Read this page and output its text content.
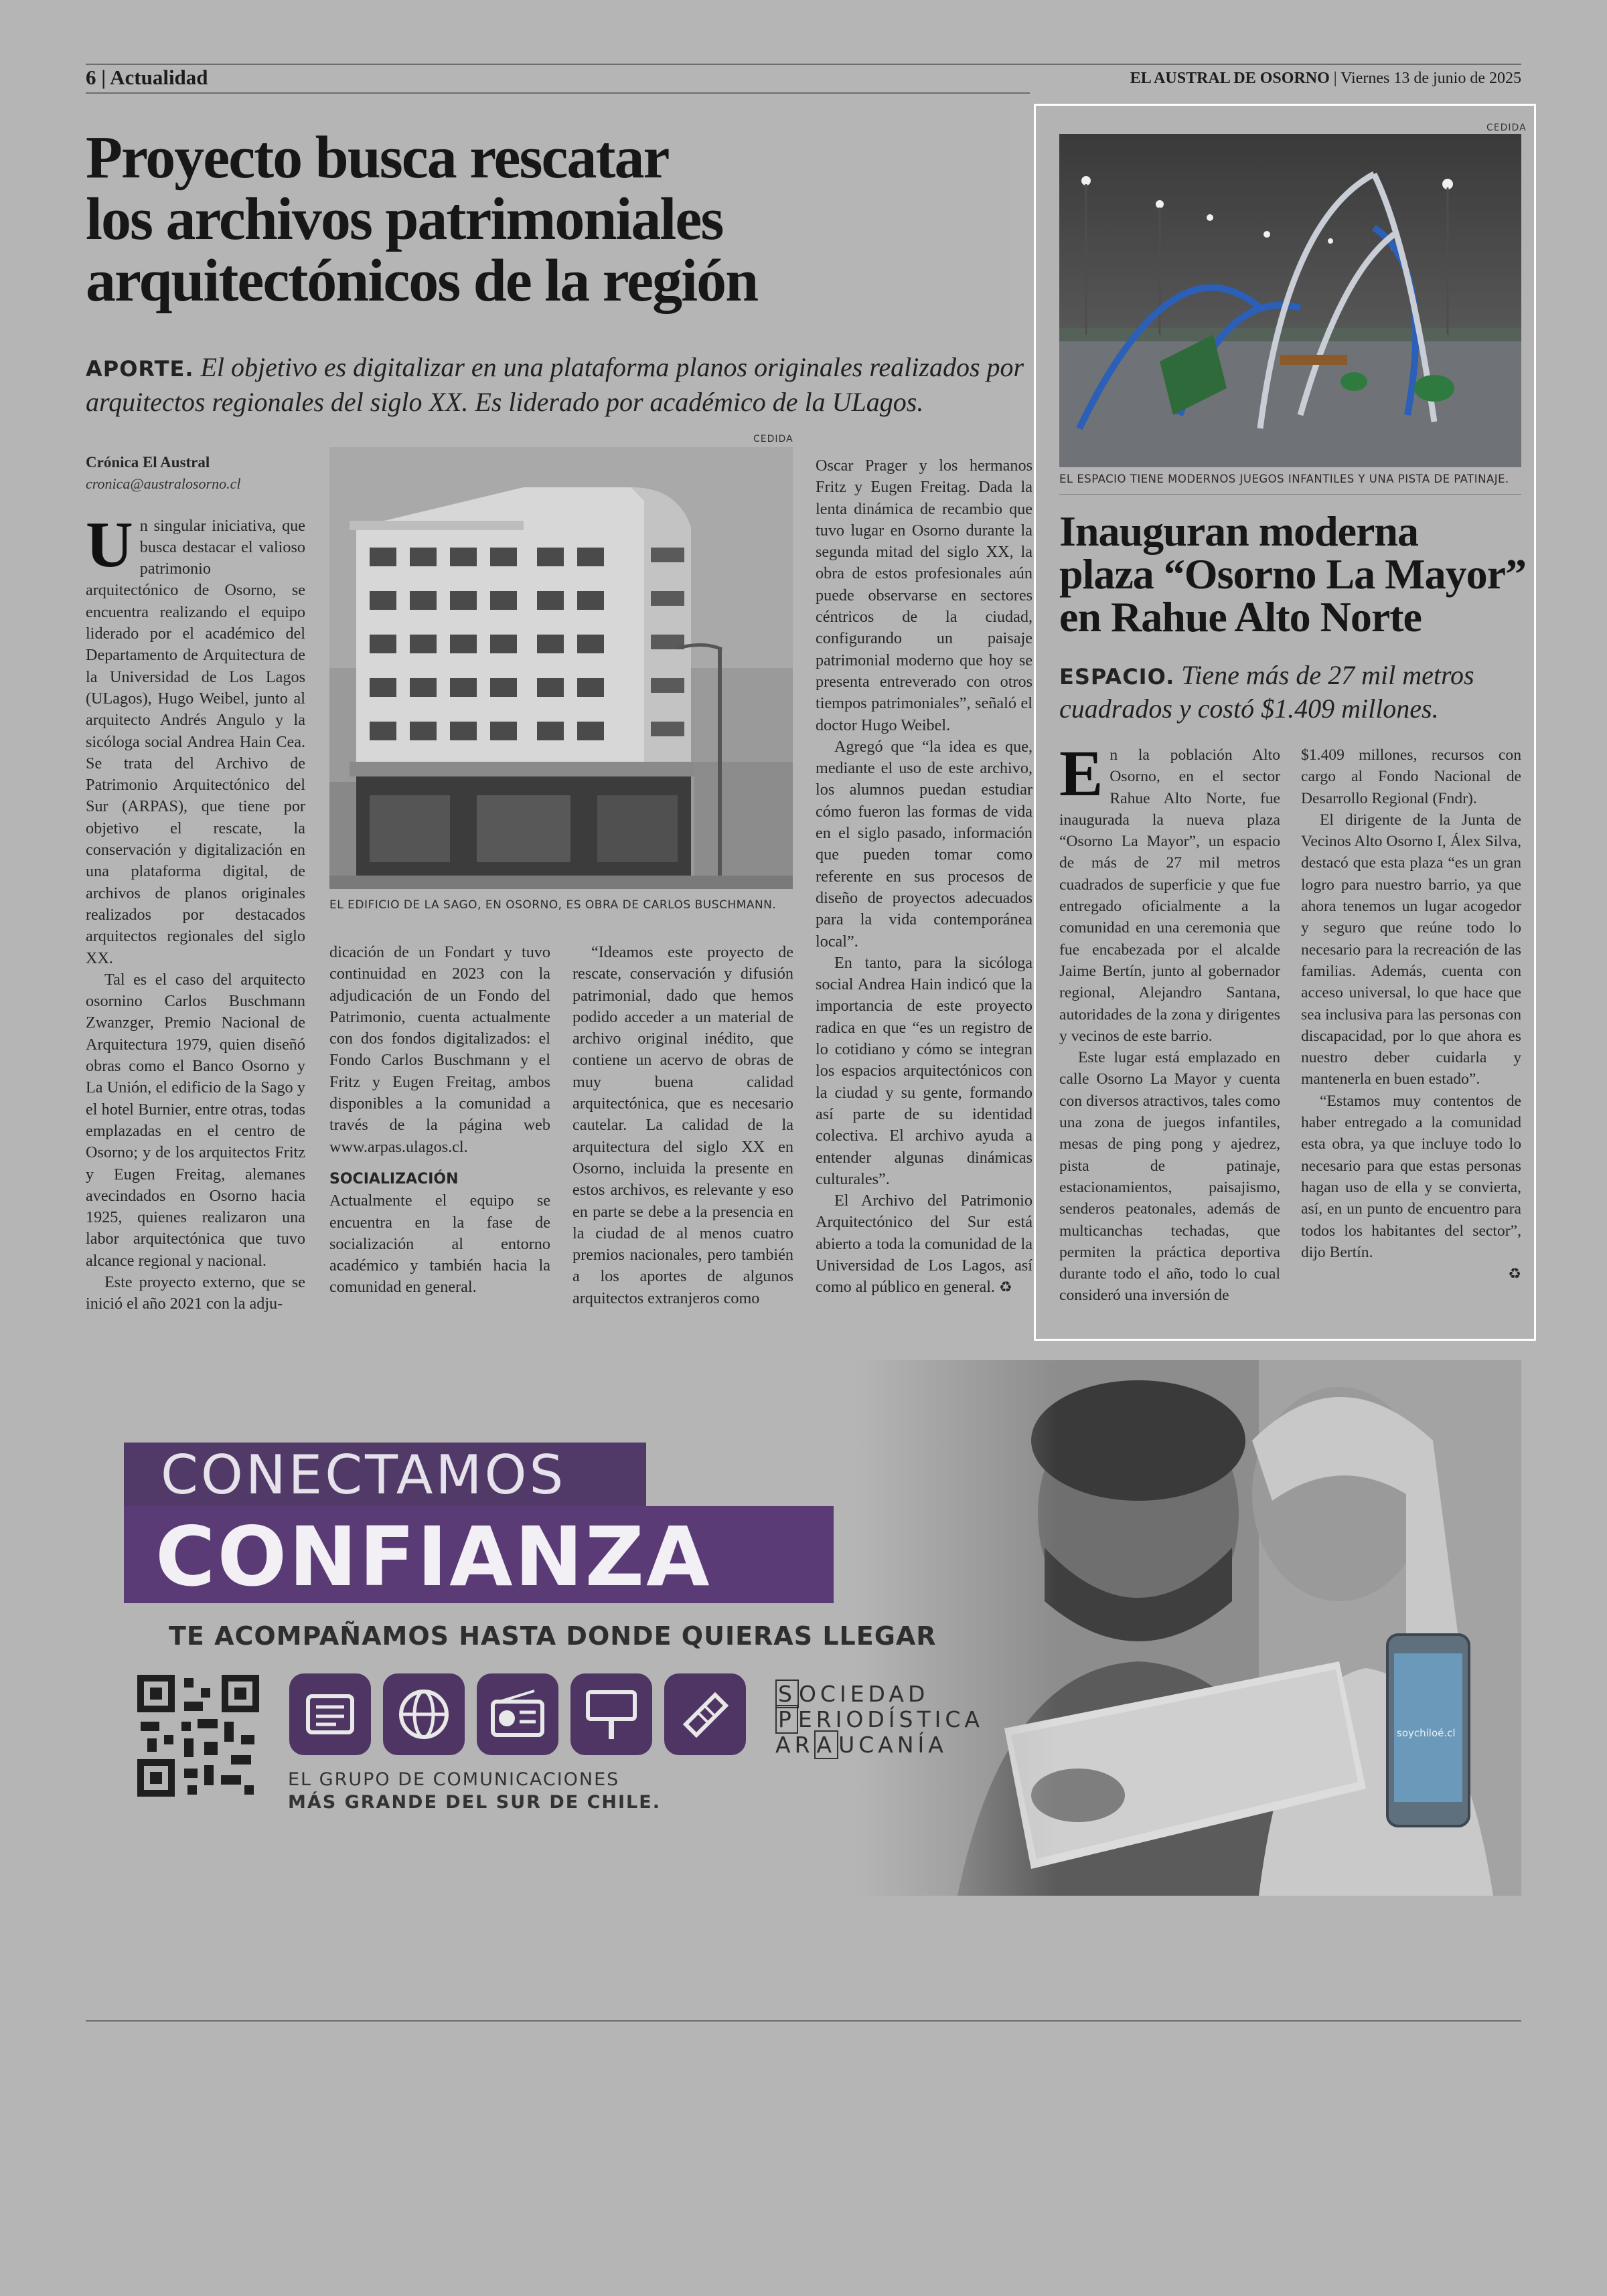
6 | Actualidad	EL AUSTRAL DE OSORNO | Viernes 13 de junio de 2025
Proyecto busca rescatar
los archivos patrimoniales
arquitectónicos de la región
APORTE. El objetivo es digitalizar en una plataforma planos originales realizados por arquitectos regionales del siglo XX. Es liderado por académico de la ULagos.
Crónica El Austral
cronica@australosorno.cl

Un singular iniciativa, que busca destacar el valioso patrimonio arquitectónico de Osorno, se encuentra realizando el equipo liderado por el académico del Departamento de Arquitectura de la Universidad de Los Lagos (ULagos), Hugo Weibel, junto al arquitecto Andrés Angulo y la sicóloga social Andrea Hain Cea. Se trata del Archivo de Patrimonio Arquitectónico del Sur (ARPAS), que tiene por objetivo el rescate, la conservación y digitalización en una plataforma digital, de archivos de planos originales realizados por destacados arquitectos regionales del siglo XX.

Tal es el caso del arquitecto osornino Carlos Buschmann Zwanzger, Premio Nacional de Arquitectura 1979, quien diseñó obras como el Banco Osorno y La Unión, el edificio de la Sago y el hotel Burnier, entre otras, todas emplazadas en el centro de Osorno; y de los arquitectos Fritz y Eugen Freitag, alemanes avecindados en Osorno hacia 1925, quienes realizaron una labor arquitectónica que tuvo alcance regional y nacional.

Este proyecto externo, que se inició el año 2021 con la adju-

CEDIDA
EL EDIFICIO DE LA SAGO, EN OSORNO, ES OBRA DE CARLOS BUSCHMANN.

dicación de un Fondart y tuvo continuidad en 2023 con la adjudicación de un Fondo del Patrimonio, cuenta actualmente con dos fondos digitalizados: el Fondo Carlos Buschmann y el Fritz y Eugen Freitag, ambos disponibles a la comunidad a través de la página web www.arpas.ulagos.cl.

SOCIALIZACIÓN

Actualmente el equipo se encuentra en la fase de socialización al entorno académico y también hacia la comunidad en general.

“Ideamos este proyecto de rescate, conservación y difusión patrimonial, dado que hemos podido acceder a un material de archivo original inédito, que contiene un acervo de obras de muy buena calidad arquitectónica, que es necesario cautelar. La calidad de la arquitectura del siglo XX en Osorno, incluida la presente en estos archivos, es relevante y eso en parte se debe a la presencia en la ciudad de al menos cuatro premios nacionales, pero también a los aportes de algunos arquitectos extranjeros como

Oscar Prager y los hermanos Fritz y Eugen Freitag. Dada la lenta dinámica de recambio que tuvo lugar en Osorno durante la segunda mitad del siglo XX, la obra de estos profesionales aún puede observarse en sectores céntricos de la ciudad, configurando un paisaje patrimonial moderno que hoy se presenta entreverado con otros tiempos patrimoniales”, señaló el doctor Hugo Weibel.

Agregó que “la idea es que, mediante el uso de este archivo, los alumnos puedan estudiar cómo fueron las formas de vida en el siglo pasado, información que pueden tomar como referente en sus procesos de diseño de proyectos adecuados para la vida contemporánea local”.

En tanto, para la sicóloga social Andrea Hain indicó que la importancia de este proyecto radica en que “es un registro de lo cotidiano y cómo se integran los espacios arquitectónicos con la ciudad y su gente, formando así parte de su identidad colectiva. El archivo ayuda a entender algunas dinámicas culturales”.

El Archivo del Patrimonio Arquitectónico del Sur está abierto a toda la comunidad de la Universidad de Los Lagos, así como al público en general. ♻

CEDIDA
EL ESPACIO TIENE MODERNOS JUEGOS INFANTILES Y UNA PISTA DE PATINAJE.
Inauguran moderna
plaza “Osorno La Mayor”
en Rahue Alto Norte
ESPACIO. Tiene más de 27 mil metros cuadrados y costó $1.409 millones.

En la población Alto Osorno, en el sector Rahue Alto Norte, fue inaugurada la nueva plaza “Osorno La Mayor”, un espacio de más de 27 mil metros cuadrados de superficie y que fue entregado oficialmente a la comunidad en una ceremonia que fue encabezada por el alcalde Jaime Bertín, junto al gobernador regional, Alejandro Santana, autoridades de la zona y dirigentes y vecinos de este barrio.

Este lugar está emplazado en calle Osorno La Mayor y cuenta con diversos atractivos, tales como una zona de juegos infantiles, mesas de ping pong y ajedrez, pista de patinaje, estacionamientos, paisajismo, senderos peatonales, además de multicanchas techadas, que permiten la práctica deportiva durante todo el año, todo lo cual consideró una inversión de

$1.409 millones, recursos con cargo al Fondo Nacional de Desarrollo Regional (Fndr).

El dirigente de la Junta de Vecinos Alto Osorno I, Álex Silva, destacó que esta plaza “es un gran logro para nuestro barrio, ya que ahora tenemos un lugar acogedor y seguro que reúne todo lo necesario para la recreación de las familias. Además, cuenta con acceso universal, lo que hace que sea inclusiva para las personas con discapacidad, por lo que ahora es nuestro deber cuidarla y mantenerla en buen estado”.

“Estamos muy contentos de haber entregado a la comunidad esta obra, ya que incluye todo lo necesario para que estas personas hagan uso de ella y se convierta, así, en un punto de encuentro para todos los habitantes del sector”, dijo Bertín.

♻
CONECTAMOS
CONFIANZA
TE ACOMPAÑAMOS HASTA DONDE QUIERAS LLEGAR
EL GRUPO DE COMUNICACIONES
MÁS GRANDE DEL SUR DE CHILE.
S OCIEDAD
P ERIODÍSTICA
AR A UCANÍA	soychiloé.cl
